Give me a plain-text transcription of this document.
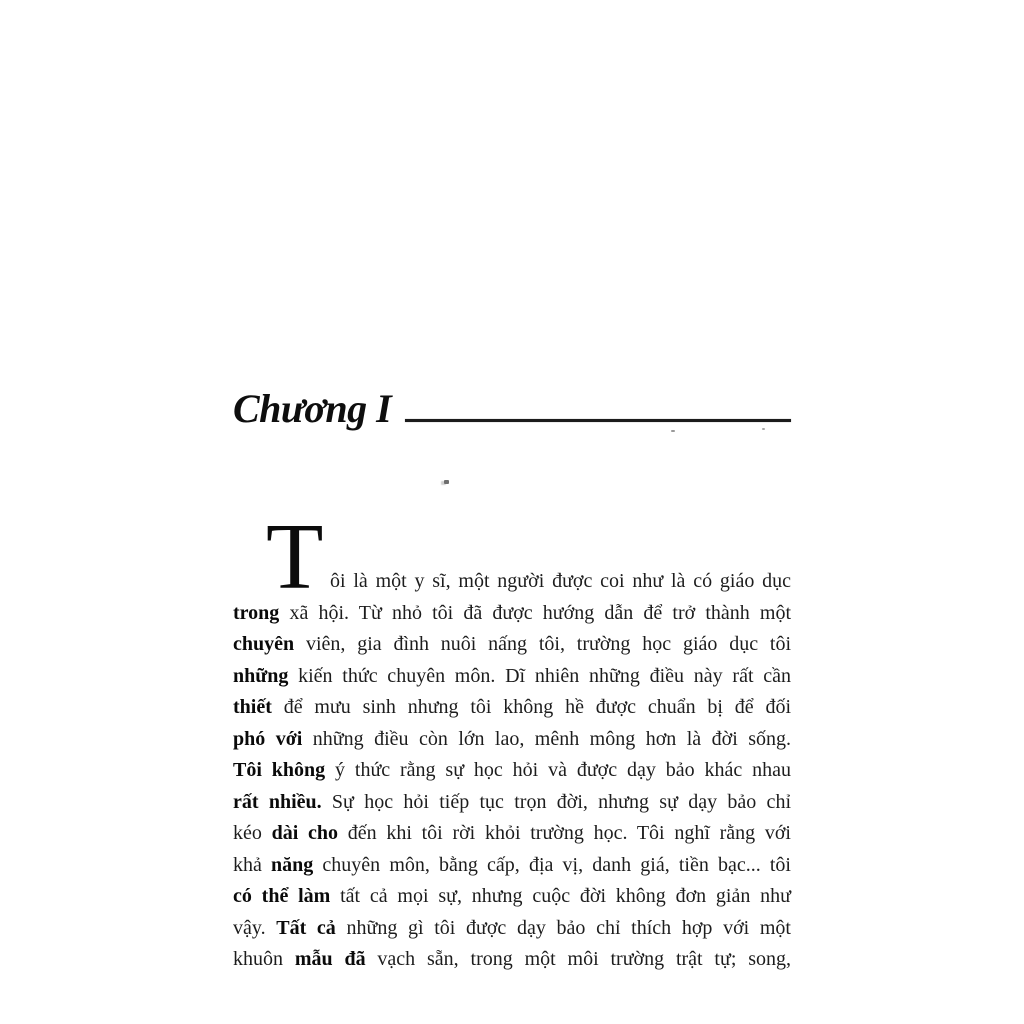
Chương I
T ôi là một y sĩ, một người được coi như là có giáo dục
trong xã hội. Từ nhỏ tôi đã được hướng dẫn để trở thành một
chuyên viên, gia đình nuôi nấng tôi, trường học giáo dục tôi
những kiến thức chuyên môn. Dĩ nhiên những điều này rất cần
thiết để mưu sinh nhưng tôi không hề được chuẩn bị để đối
phó với những điều còn lớn lao, mênh mông hơn là đời sống.
Tôi không ý thức rằng sự học hỏi và được dạy bảo khác nhau
rất nhiều. Sự học hỏi tiếp tục trọn đời, nhưng sự dạy bảo chỉ
kéo dài cho đến khi tôi rời khỏi trường học. Tôi nghĩ rằng với
khả năng chuyên môn, bằng cấp, địa vị, danh giá, tiền bạc... tôi
có thể làm tất cả mọi sự, nhưng cuộc đời không đơn giản như
vậy. Tất cả những gì tôi được dạy bảo chỉ thích hợp với một
khuôn mẫu đã vạch sẵn, trong một môi trường trật tự; song,
